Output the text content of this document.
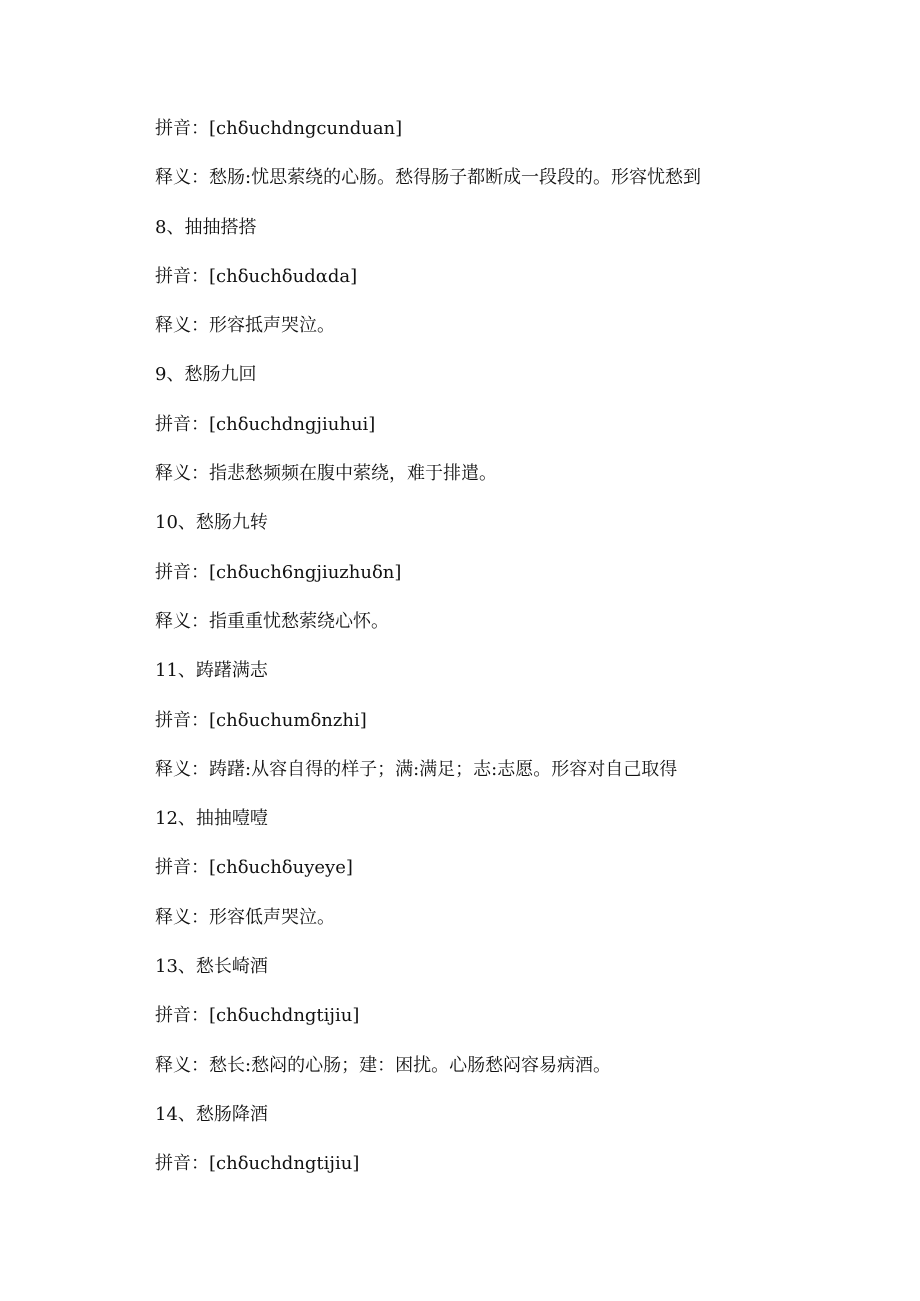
拼音：[chδuchdngcunduan]
释义：愁肠:忧思萦绕的心肠。愁得肠子都断成一段段的。形容忧愁到
8、抽抽搭搭
拼音：[chδuchδudαda]
释义：形容抵声哭泣。
9、愁肠九回
拼音：[chδuchdngjiuhui]
释义：指悲愁频频在腹中萦绕，难于排遣。
10、愁肠九转
拼音：[chδuch6ngjiuzhuδn]
释义：指重重忧愁萦绕心怀。
11、踌躇满志
拼音：[chδuchumδnzhi]
释义：踌躇:从容自得的样子；满:满足；志:志愿。形容对自己取得
12、抽抽噎噎
拼音：[chδuchδuyeye]
释义：形容低声哭泣。
13、愁长崎酒
拼音：[chδuchdngtijiu]
释义：愁长:愁闷的心肠；建：困扰。心肠愁闷容易病酒。
14、愁肠降酒
拼音：[chδuchdngtijiu]
